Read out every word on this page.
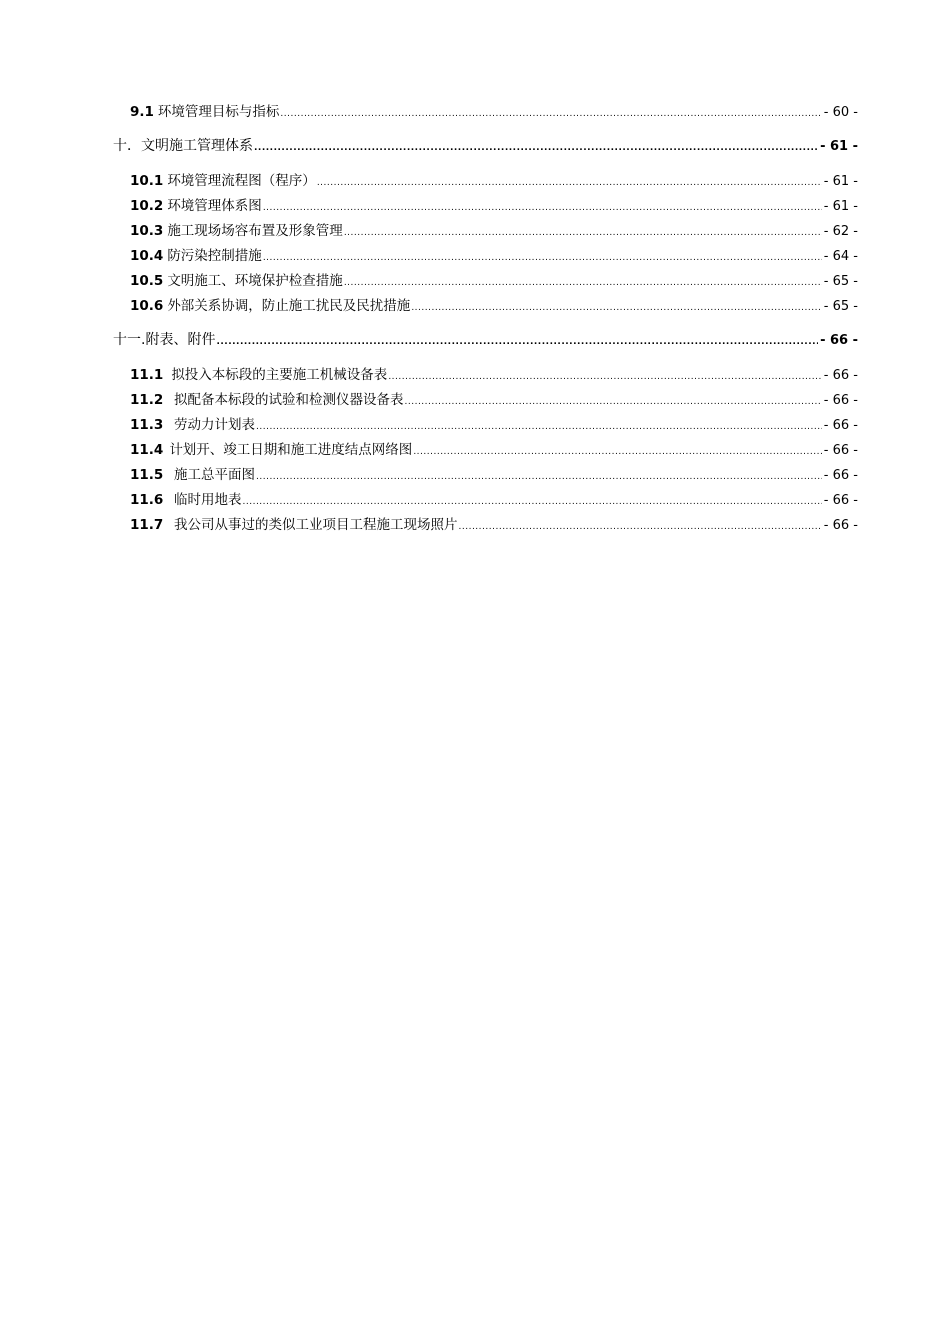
9.1 环境管理目标与指标 .....	- 60 -
十． 文明施工管理体系 .....	- 61 -
10.1 环境管理流程图（程序） .....	- 61 -
10.2 环境管理体系图 .....	- 61 -
10.3 施工现场场容布置及形象管理 .....	- 62 -
10.4 防污染控制措施 .....	- 64 -
10.5 文明施工、环境保护检查措施 .....	- 65 -
10.6 外部关系协调，防止施工扰民及民扰措施 .....	- 65 -
十一. 附表、附件 .....	- 66 -
11.1 拟投入本标段的主要施工机械设备表 .....	- 66 -
11.2 拟配备本标段的试验和检测仪器设备表 .....	- 66 -
11.3 劳动力计划表 .....	- 66 -
11.4 计划开、竣工日期和施工进度结点网络图 .....	- 66 -
11.5 施工总平面图 .....	- 66 -
11.6 临时用地表 .....	- 66 -
11.7 我公司从事过的类似工业项目工程施工现场照片 .....	- 66 -
